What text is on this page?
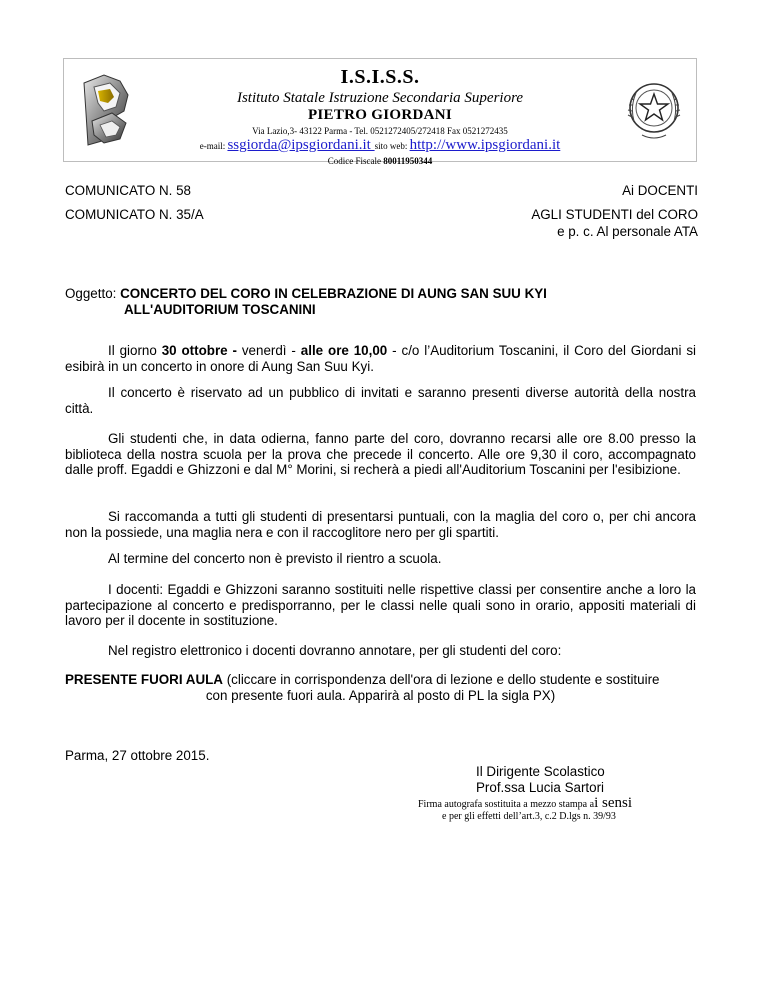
I.S.I.S.S.
Istituto Statale Istruzione Secondaria Superiore
PIETRO GIORDANI
Via Lazio,3- 43122 Parma - Tel. 0521272405/272418 Fax 0521272435
e-mail: ssgiorda@ipsgiordani.it sito web: http://www.ipsgiordani.it
Codice Fiscale 80011950344
COMUNICATO N. 58
COMUNICATO N. 35/A
Ai DOCENTI
AGLI STUDENTI del CORO
e p. c. Al personale ATA
Oggetto: CONCERTO DEL CORO IN CELEBRAZIONE DI AUNG SAN SUU KYI
ALL'AUDITORIUM TOSCANINI
Il giorno 30 ottobre - venerdì - alle ore 10,00 - c/o l’Auditorium Toscanini, il Coro del Giordani si esibirà in un concerto in onore di Aung San Suu Kyi.
Il concerto è riservato ad un pubblico di invitati e saranno presenti diverse autorità della nostra città.
Gli studenti che, in data odierna, fanno parte del coro, dovranno recarsi alle ore 8.00 presso la biblioteca della nostra scuola per la prova che precede il concerto. Alle ore 9,30 il coro, accompagnato dalle proff. Egaddi e Ghizzoni e dal M° Morini, si recherà a piedi all'Auditorium Toscanini per l'esibizione.
Si raccomanda a tutti gli studenti di presentarsi puntuali, con la maglia del coro o, per chi ancora non la possiede, una maglia nera e con il raccoglitore nero per gli spartiti.
Al termine del concerto non è previsto il rientro a scuola.
I docenti: Egaddi e Ghizzoni saranno sostituiti nelle rispettive classi per consentire anche a loro la partecipazione al concerto e predisporranno, per le classi nelle quali sono in orario, appositi materiali di lavoro per il docente in sostituzione.
Nel registro elettronico i docenti dovranno annotare, per gli studenti del coro:
PRESENTE FUORI AULA (cliccare in corrispondenza dell'ora di lezione e dello studente e sostituire
con presente fuori aula. Apparirà al posto di PL la sigla PX)
Parma, 27 ottobre 2015.
Il Dirigente Scolastico
Prof.ssa Lucia Sartori
Firma autografa sostituita a mezzo stampa ai sensi
e per gli effetti dell’art.3, c.2 D.lgs n. 39/93
